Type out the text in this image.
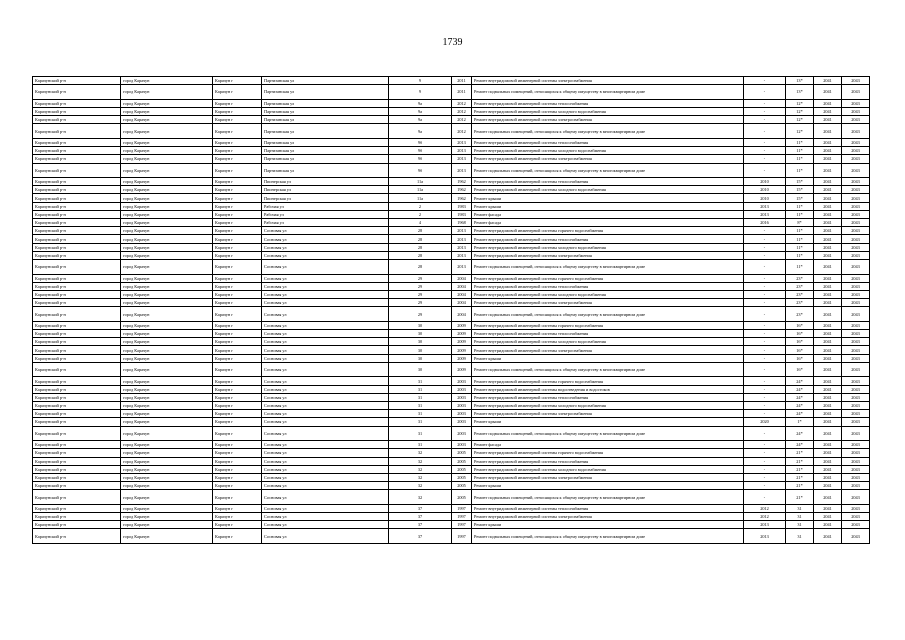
1739
Карачунский р-н	город Карачун	Карачун г	Партизанская ул	9	2011	Ремонт внутридомовой инженерной системы электроснабжения	-	13*	2041	2043
Карачунский р-н	город Карачун	Карачун г	Партизанская ул	9	2011	Ремонт подвальных помещений, относящихся к общему имуществу в многоквартирном доме	-	13*	2041	2043
Карачунский р-н	город Карачун	Карачун г	Партизанская ул	9а	2012	Ремонт внутридомовой инженерной системы теплоснабжения	-	12*	2041	2043
Карачунский р-н	город Карачун	Карачун г	Партизанская ул	9а	2012	Ремонт внутридомовой инженерной системы холодного водоснабжения	-	12*	2041	2043
Карачунский р-н	город Карачун	Карачун г	Партизанская ул	9а	2012	Ремонт внутридомовой инженерной системы электроснабжения	-	12*	2041	2043
Карачунский р-н	город Карачун	Карачун г	Партизанская ул	9а	2012	Ремонт подвальных помещений, относящихся к общему имуществу в многоквартирном доме	-	12*	2041	2043
Карачунский р-н	город Карачун	Карачун г	Партизанская ул	9б	2013	Ремонт внутридомовой инженерной системы теплоснабжения	-	11*	2041	2043
Карачунский р-н	город Карачун	Карачун г	Партизанская ул	9б	2013	Ремонт внутридомовой инженерной системы холодного водоснабжения	-	11*	2041	2043
Карачунский р-н	город Карачун	Карачун г	Партизанская ул	9б	2013	Ремонт внутридомовой инженерной системы электроснабжения	-	11*	2041	2043
Карачунский р-н	город Карачун	Карачун г	Партизанская ул	9б	2013	Ремонт подвальных помещений, относящихся к общему имуществу в многоквартирном доме	-	11*	2041	2043
Карачунский р-н	город Карачун	Карачун г	Пионерская ул	11а	1962	Ремонт внутридомовой инженерной системы теплоснабжения	2010	15*	2041	2043
Карачунский р-н	город Карачун	Карачун г	Пионерская ул	11а	1962	Ремонт внутридомовой инженерной системы холодного водоснабжения	2010	15*	2041	2043
Карачунский р-н	город Карачун	Карачун г	Пионерская ул	11а	1962	Ремонт крыши	2010	15*	2041	2043
Карачунский р-н	город Карачун	Карачун г	Рабочая ул	2	1983	Ремонт крыши	2013	11*	2041	2043
Карачунский р-н	город Карачун	Карачун г	Рабочая ул	2	1983	Ремонт фасада	2013	11*	2041	2043
Карачунский р-н	город Карачун	Карачун г	Рабочая ул	4	1968	Ремонт фасада	2016	8*	2041	2043
Карачунский р-н	город Карачун	Карачун г	Сосновая ул	28	2013	Ремонт внутридомовой инженерной системы горячего водоснабжения	-	11*	2041	2043
Карачунский р-н	город Карачун	Карачун г	Сосновая ул	28	2013	Ремонт внутридомовой инженерной системы теплоснабжения	-	11*	2041	2043
Карачунский р-н	город Карачун	Карачун г	Сосновая ул	28	2013	Ремонт внутридомовой инженерной системы холодного водоснабжения	-	11*	2041	2043
Карачунский р-н	город Карачун	Карачун г	Сосновая ул	28	2013	Ремонт внутридомовой инженерной системы электроснабжения	-	11*	2041	2043
Карачунский р-н	город Карачун	Карачун г	Сосновая ул	28	2013	Ремонт подвальных помещений, относящихся к общему имуществу в многоквартирном доме	-	11*	2041	2043
Карачунский р-н	город Карачун	Карачун г	Сосновая ул	29	2004	Ремонт внутридомовой инженерной системы горячего водоснабжения	-	23*	2041	2043
Карачунский р-н	город Карачун	Карачун г	Сосновая ул	29	2004	Ремонт внутридомовой инженерной системы теплоснабжения	-	23*	2041	2043
Карачунский р-н	город Карачун	Карачун г	Сосновая ул	29	2004	Ремонт внутридомовой инженерной системы холодного водоснабжения	-	23*	2041	2043
Карачунский р-н	город Карачун	Карачун г	Сосновая ул	29	2004	Ремонт внутридомовой инженерной системы электроснабжения	-	23*	2041	2043
Карачунский р-н	город Карачун	Карачун г	Сосновая ул	29	2004	Ремонт подвальных помещений, относящихся к общему имуществу в многоквартирном доме	-	23*	2041	2043
Карачунский р-н	город Карачун	Карачун г	Сосновая ул	30	2009	Ремонт внутридомовой инженерной системы горячего водоснабжения	-	16*	2041	2043
Карачунский р-н	город Карачун	Карачун г	Сосновая ул	30	2009	Ремонт внутридомовой инженерной системы теплоснабжения	-	16*	2041	2043
Карачунский р-н	город Карачун	Карачун г	Сосновая ул	30	2009	Ремонт внутридомовой инженерной системы холодного водоснабжения	-	16*	2041	2043
Карачунский р-н	город Карачун	Карачун г	Сосновая ул	30	2009	Ремонт внутридомовой инженерной системы электроснабжения	-	16*	2041	2043
Карачунский р-н	город Карачун	Карачун г	Сосновая ул	30	2009	Ремонт крыши	-	16*	2041	2043
Карачунский р-н	город Карачун	Карачун г	Сосновая ул	30	2009	Ремонт подвальных помещений, относящихся к общему имуществу в многоквартирном доме	-	16*	2041	2043
Карачунский р-н	город Карачун	Карачун г	Сосновая ул	31	2003	Ремонт внутридомовой инженерной системы горячего водоснабжения	-	24*	2041	2043
Карачунский р-н	город Карачун	Карачун г	Сосновая ул	31	2003	Ремонт внутридомовой инженерной системы водоотведения и водостоков	-	24*	2041	2043
Карачунский р-н	город Карачун	Карачун г	Сосновая ул	31	2003	Ремонт внутридомовой инженерной системы теплоснабжения	-	24*	2041	2043
Карачунский р-н	город Карачун	Карачун г	Сосновая ул	31	2003	Ремонт внутридомовой инженерной системы холодного водоснабжения	-	24*	2041	2043
Карачунский р-н	город Карачун	Карачун г	Сосновая ул	31	2003	Ремонт внутридомовой инженерной системы электроснабжения	-	24*	2041	2043
Карачунский р-н	город Карачун	Карачун г	Сосновая ул	31	2003	Ремонт крыши	2020	1*	2041	2043
Карачунский р-н	город Карачун	Карачун г	Сосновая ул	31	2003	Ремонт подвальных помещений, относящихся к общему имуществу в многоквартирном доме	-	24*	2041	2043
Карачунский р-н	город Карачун	Карачун г	Сосновая ул	31	2003	Ремонт фасада	-	24*	2041	2043
Карачунский р-н	город Карачун	Карачун г	Сосновая ул	32	2005	Ремонт внутридомовой инженерной системы горячего водоснабжения	-	21*	2041	2043
Карачунский р-н	город Карачун	Карачун г	Сосновая ул	32	2005	Ремонт внутридомовой инженерной системы теплоснабжения	-	21*	2041	2043
Карачунский р-н	город Карачун	Карачун г	Сосновая ул	32	2005	Ремонт внутридомовой инженерной системы холодного водоснабжения	-	21*	2041	2043
Карачунский р-н	город Карачун	Карачун г	Сосновая ул	32	2005	Ремонт внутридомовой инженерной системы электроснабжения	-	21*	2041	2043
Карачунский р-н	город Карачун	Карачун г	Сосновая ул	32	2005	Ремонт крыши	-	21*	2041	2043
Карачунский р-н	город Карачун	Карачун г	Сосновая ул	32	2005	Ремонт подвальных помещений, относящихся к общему имуществу в многоквартирном доме	-	21*	2041	2043
Карачунский р-н	город Карачун	Карачун г	Сосновая ул	37	1997	Ремонт внутридомовой инженерной системы теплоснабжения	2012	31	2041	2043
Карачунский р-н	город Карачун	Карачун г	Сосновая ул	37	1997	Ремонт внутридомовой инженерной системы электроснабжения	2012	31	2041	2043
Карачунский р-н	город Карачун	Карачун г	Сосновая ул	37	1997	Ремонт крыши	2013	31	2041	2043
Карачунский р-н	город Карачун	Карачун г	Сосновая ул	37	1997	Ремонт подвальных помещений, относящихся к общему имуществу в многоквартирном доме	2013	31	2041	2043
